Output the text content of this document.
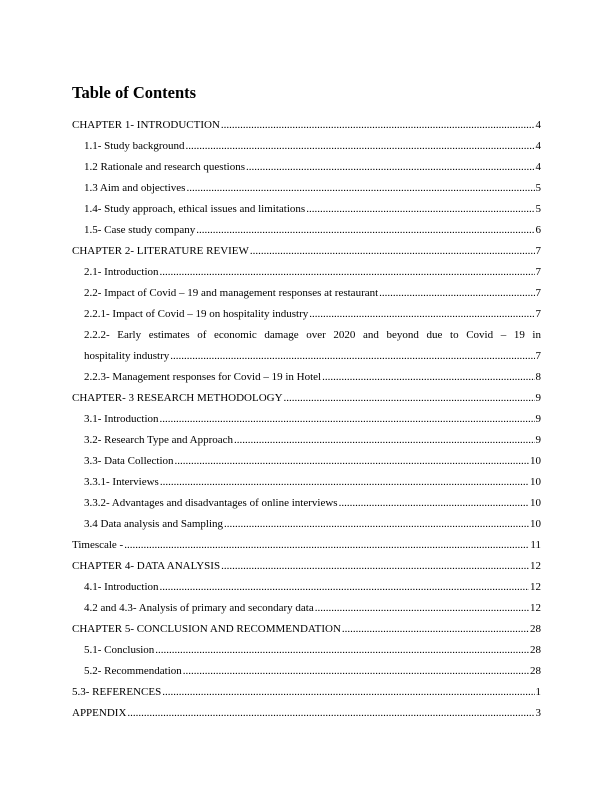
Table of Contents
CHAPTER 1- INTRODUCTION .....	4
1.1- Study background .....	4
1.2 Rationale and research questions .....	4
1.3 Aim and objectives .....	5
1.4- Study approach, ethical issues and limitations .....	5
1.5- Case study company .....	6
CHAPTER 2- LITERATURE REVIEW .....	7
2.1- Introduction .....	7
2.2- Impact of Covid – 19 and management responses at restaurant .....	7
2.2.1- Impact of Covid – 19 on hospitality industry .....	7
2.2.2- Early estimates of economic damage over 2020 and beyond due to Covid – 19 in
hospitality industry .....	7
2.2.3- Management responses for Covid – 19 in Hotel .....	8
CHAPTER- 3 RESEARCH METHODOLOGY .....	9
3.1- Introduction .....	9
3.2- Research Type and Approach .....	9
3.3- Data Collection .....	10
3.3.1- Interviews .....	10
3.3.2- Advantages and disadvantages of online interviews .....	10
3.4 Data analysis and Sampling .....	10
Timescale - .....	11
CHAPTER 4- DATA ANALYSIS .....	12
4.1- Introduction .....	12
4.2 and 4.3- Analysis of primary and secondary data .....	12
CHAPTER 5- CONCLUSION AND RECOMMENDATION .....	28
5.1- Conclusion .....	28
5.2- Recommendation .....	28
5.3- REFERENCES .....	1
APPENDIX .....	3
